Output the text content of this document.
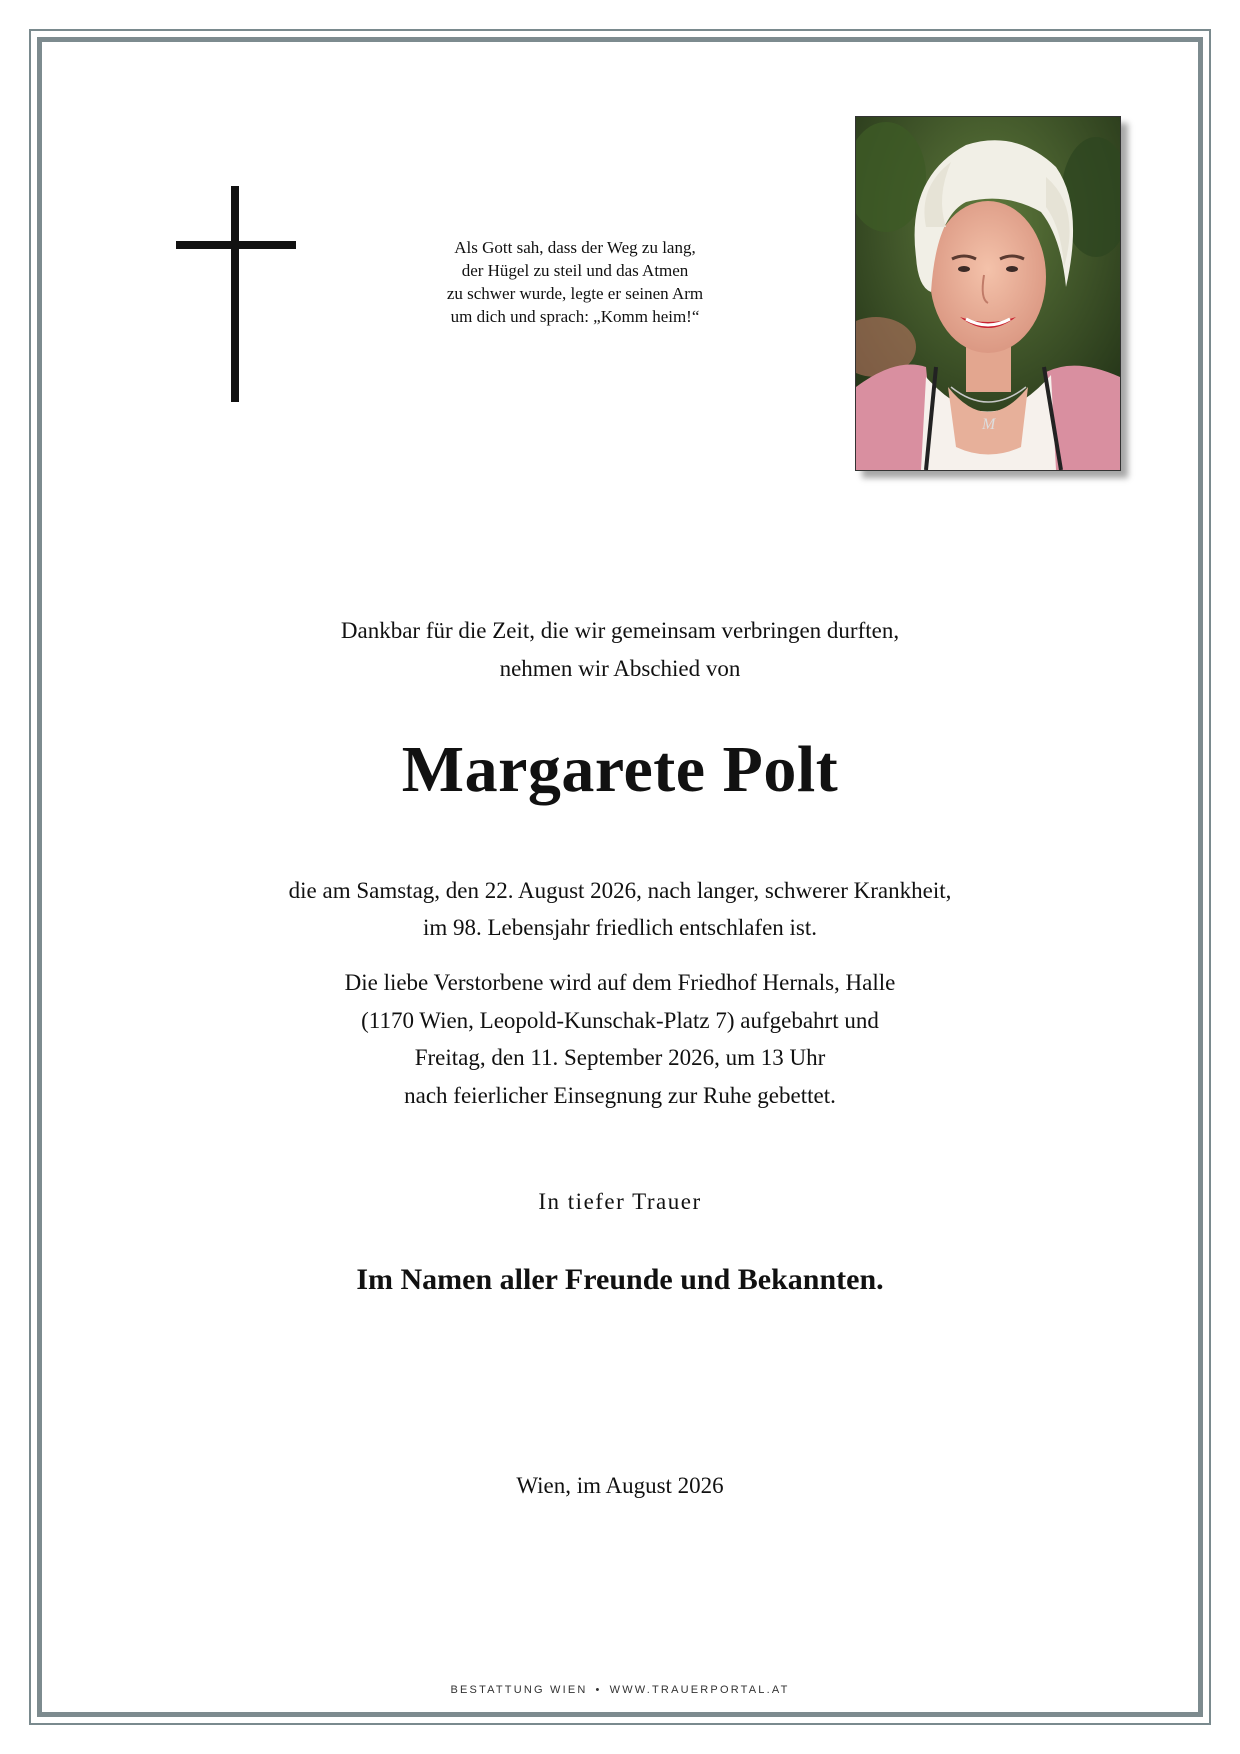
Als Gott sah, dass der Weg zu lang,
der Hügel zu steil und das Atmen
zu schwer wurde, legte er seinen Arm
um dich und sprach: „Komm heim!“
M
Dankbar für die Zeit, die wir gemeinsam verbringen durften,
nehmen wir Abschied von
Margarete Polt
die am Samstag, den 22. August 2026, nach langer, schwerer Krankheit,
im 98. Lebensjahr friedlich entschlafen ist.
Die liebe Verstorbene wird auf dem Friedhof Hernals, Halle
(1170 Wien, Leopold-Kunschak-Platz 7) aufgebahrt und
Freitag, den 11. September 2026, um 13 Uhr
nach feierlicher Einsegnung zur Ruhe gebettet.
In tiefer Trauer
Im Namen aller Freunde und Bekannten.
Wien, im August 2026
BESTATTUNG WIEN • WWW.TRAUERPORTAL.AT
